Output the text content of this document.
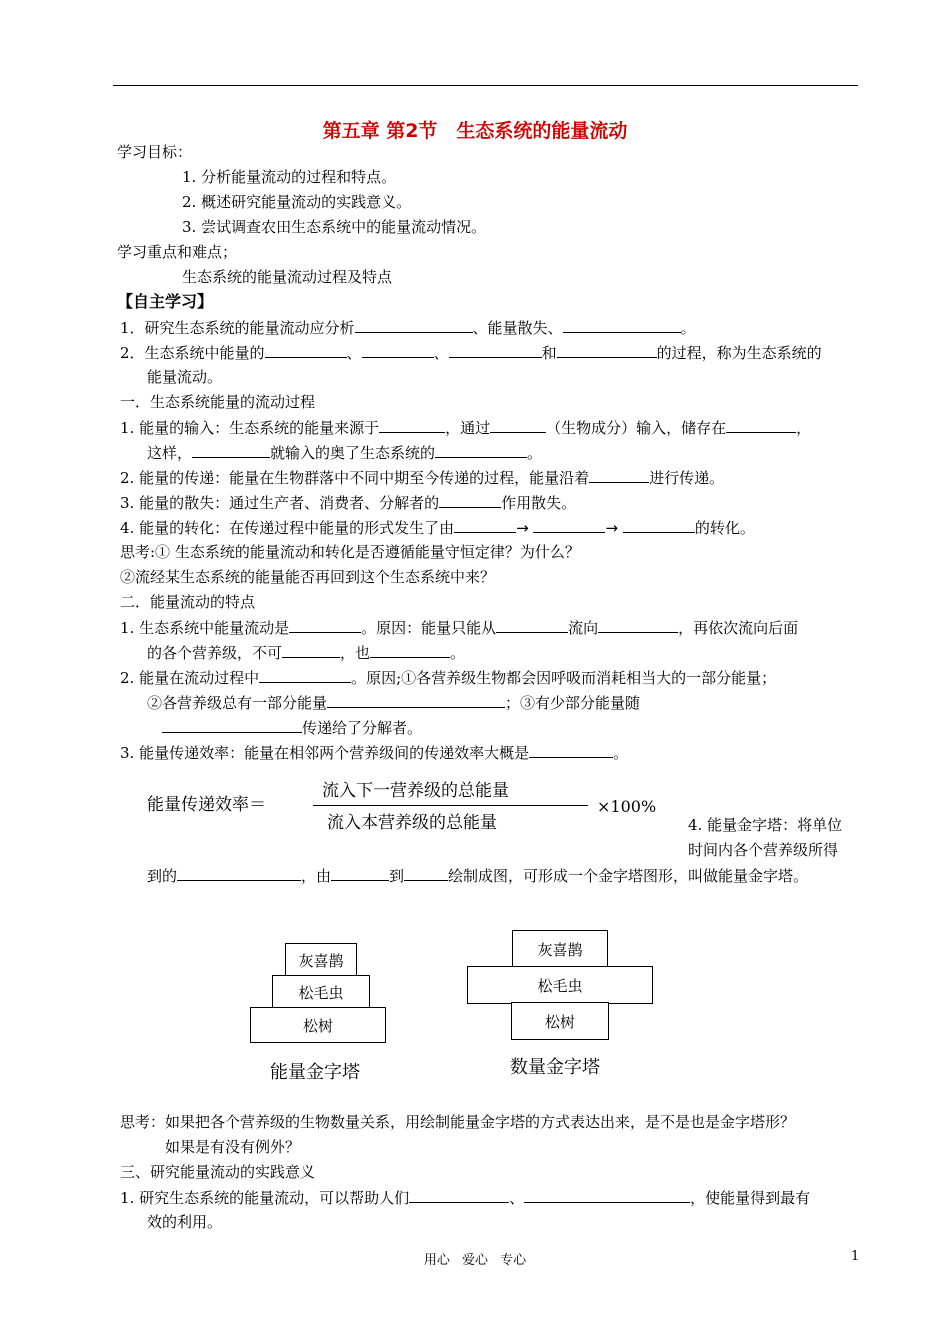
第五章 第2节　生态系统的能量流动
学习目标：
1. 分析能量流动的过程和特点。
2. 概述研究能量流动的实践意义。
3. 尝试调查农田生态系统中的能量流动情况。
学习重点和难点；
生态系统的能量流动过程及特点
【自主学习】
1．研究生态系统的能量流动应分析	、能量散失、	。
2．生态系统中能量的	、	、	和	的过程，称为生态系统的
能量流动。
一．生态系统能量的流动过程
1. 能量的输入：生态系统的能量来源于	，通过	（生物成分）输入，储存在	，
这样，	就输入的奥了生态系统的	。
2. 能量的传递：能量在生物群落中不同中期至今传递的过程，能量沿着	进行传递。
3. 能量的散失：通过生产者、消费者、分解者的	作用散失。
4. 能量的转化：在传递过程中能量的形式发生了由	→	→	的转化。
思考:① 生态系统的能量流动和转化是否遵循能量守恒定律？为什么？
②流经某生态系统的能量能否再回到这个生态系统中来？
二．能量流动的特点
1. 生态系统中能量流动是	。原因：能量只能从	流向	，再依次流向后面
的各个营养级，不可	，也	。
2. 能量在流动过程中	。原因;①各营养级生物都会因呼吸而消耗相当大的一部分能量；
②各营养级总有一部分能量	；③有少部分能量随
传递给了分解者。
3. 能量传递效率：能量在相邻两个营养级间的传递效率大概是	。
能量传递效率＝
流入下一营养级的总能量
流入本营养级的总能量
×100%
4. 能量金字塔：将单位
时间内各个营养级所得
到的	，由	到	绘制成图，可形成一个金字塔图形，叫做能量金字塔。
灰喜鹊
松毛虫
松树
能量金字塔
灰喜鹊
松毛虫
松树
数量金字塔
思考：如果把各个营养级的生物数量关系，用绘制能量金字塔的方式表达出来，是不是也是金字塔形？
如果是有没有例外？
三、研究能量流动的实践意义
1. 研究生态系统的能量流动，可以帮助人们	、	，使能量得到最有
效的利用。
用心 爱心 专心	1
